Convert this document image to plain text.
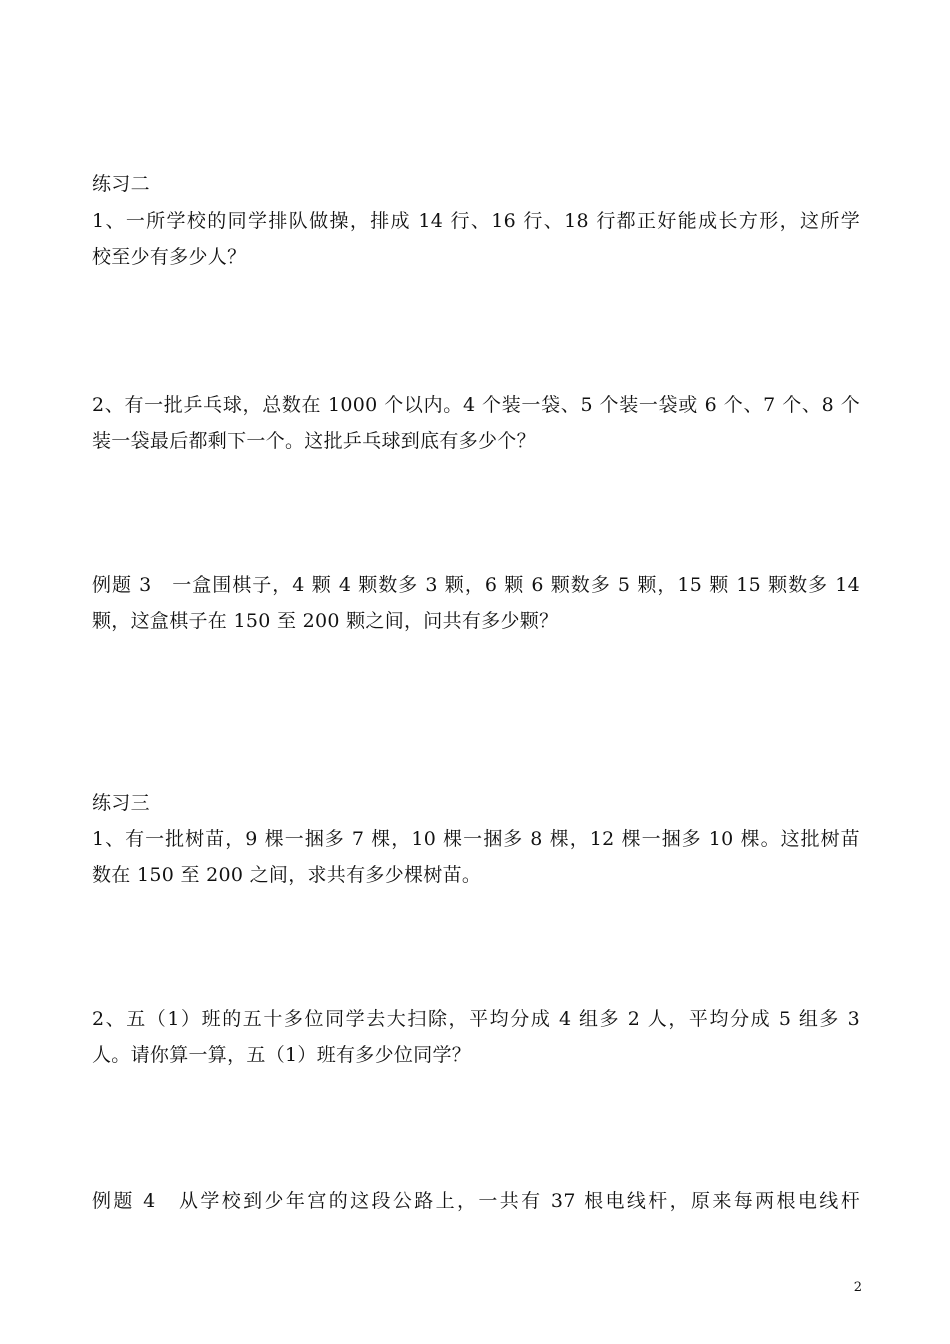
练习二
1、一所学校的同学排队做操，排成 14 行、16 行、18 行都正好能成长方形，这所学
校至少有多少人？
2、有一批乒乓球，总数在 1000 个以内。4 个装一袋、5 个装一袋或 6 个、7 个、8 个
装一袋最后都剩下一个。这批乒乓球到底有多少个？
例题 3　一盒围棋子，4 颗 4 颗数多 3 颗，6 颗 6 颗数多 5 颗，15 颗 15 颗数多 14
颗，这盒棋子在 150 至 200 颗之间，问共有多少颗？
练习三
1、有一批树苗，9 棵一捆多 7 棵，10 棵一捆多 8 棵，12 棵一捆多 10 棵。这批树苗
数在 150 至 200 之间，求共有多少棵树苗。
2、五（1）班的五十多位同学去大扫除，平均分成 4 组多 2 人，平均分成 5 组多 3
人。请你算一算，五（1）班有多少位同学？
例题 4　从学校到少年宫的这段公路上，一共有 37 根电线杆，原来每两根电线杆
2
